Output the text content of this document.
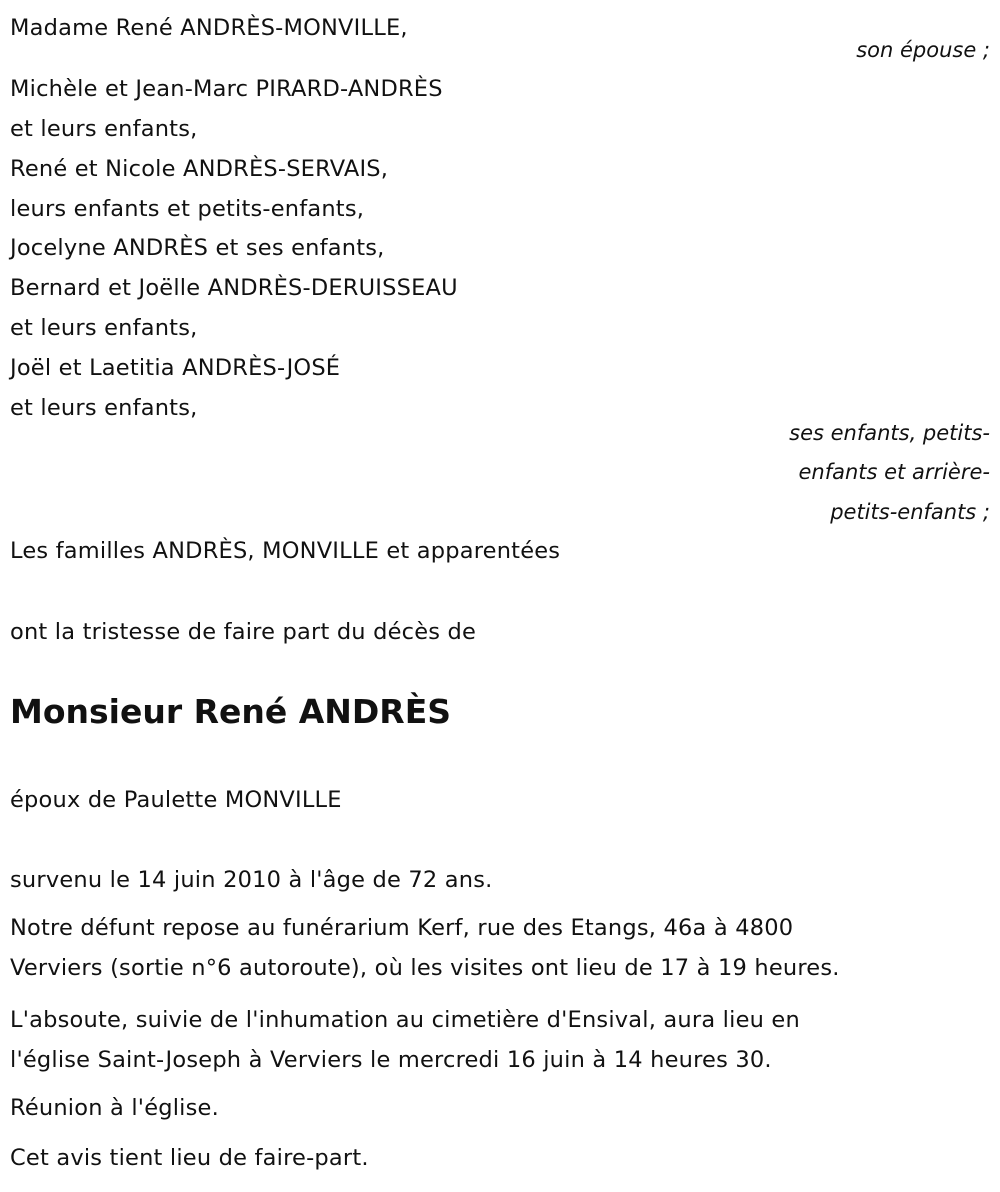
Madame René ANDRÈS-MONVILLE,
son épouse ;
Michèle et Jean-Marc PIRARD-ANDRÈS
et leurs enfants,
René et Nicole ANDRÈS-SERVAIS,
leurs enfants et petits-enfants,
Jocelyne ANDRÈS et ses enfants,
Bernard et Joëlle ANDRÈS-DERUISSEAU
et leurs enfants,
Joël et Laetitia ANDRÈS-JOSÉ
et leurs enfants,
ses enfants, petits-
enfants et arrière-
petits-enfants ;
Les familles ANDRÈS, MONVILLE et apparentées
ont la tristesse de faire part du décès de
Monsieur René ANDRÈS
époux de Paulette MONVILLE
survenu le 14 juin 2010 à l'âge de 72 ans.
Notre défunt repose au funérarium Kerf, rue des Etangs, 46a à 4800
Verviers (sortie n°6 autoroute), où les visites ont lieu de 17 à 19 heures.
L'absoute, suivie de l'inhumation au cimetière d'Ensival, aura lieu en
l'église Saint-Joseph à Verviers le mercredi 16 juin à 14 heures 30.
Réunion à l'église.
Cet avis tient lieu de faire-part.
